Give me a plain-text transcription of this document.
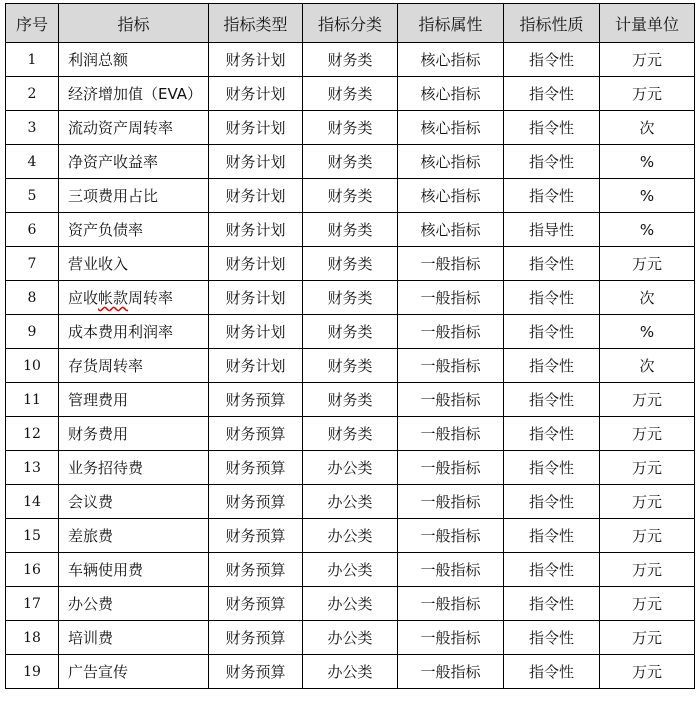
序号	指标	指标类型	指标分类	指标属性	指标性质	计量单位
1	利润总额	财务计划	财务类	核心指标	指令性	万元
2	经济增加值（EVA）	财务计划	财务类	核心指标	指令性	万元
3	流动资产周转率	财务计划	财务类	核心指标	指令性	次
4	净资产收益率	财务计划	财务类	核心指标	指令性	%
5	三项费用占比	财务计划	财务类	核心指标	指令性	%
6	资产负债率	财务计划	财务类	核心指标	指导性	%
7	营业收入	财务计划	财务类	一般指标	指令性	万元
8	应收帐款周转率	财务计划	财务类	一般指标	指令性	次
9	成本费用利润率	财务计划	财务类	一般指标	指令性	%
10	存货周转率	财务计划	财务类	一般指标	指令性	次
11	管理费用	财务预算	财务类	一般指标	指令性	万元
12	财务费用	财务预算	财务类	一般指标	指令性	万元
13	业务招待费	财务预算	办公类	一般指标	指令性	万元
14	会议费	财务预算	办公类	一般指标	指令性	万元
15	差旅费	财务预算	办公类	一般指标	指令性	万元
16	车辆使用费	财务预算	办公类	一般指标	指令性	万元
17	办公费	财务预算	办公类	一般指标	指令性	万元
18	培训费	财务预算	办公类	一般指标	指令性	万元
19	广告宣传	财务预算	办公类	一般指标	指令性	万元
